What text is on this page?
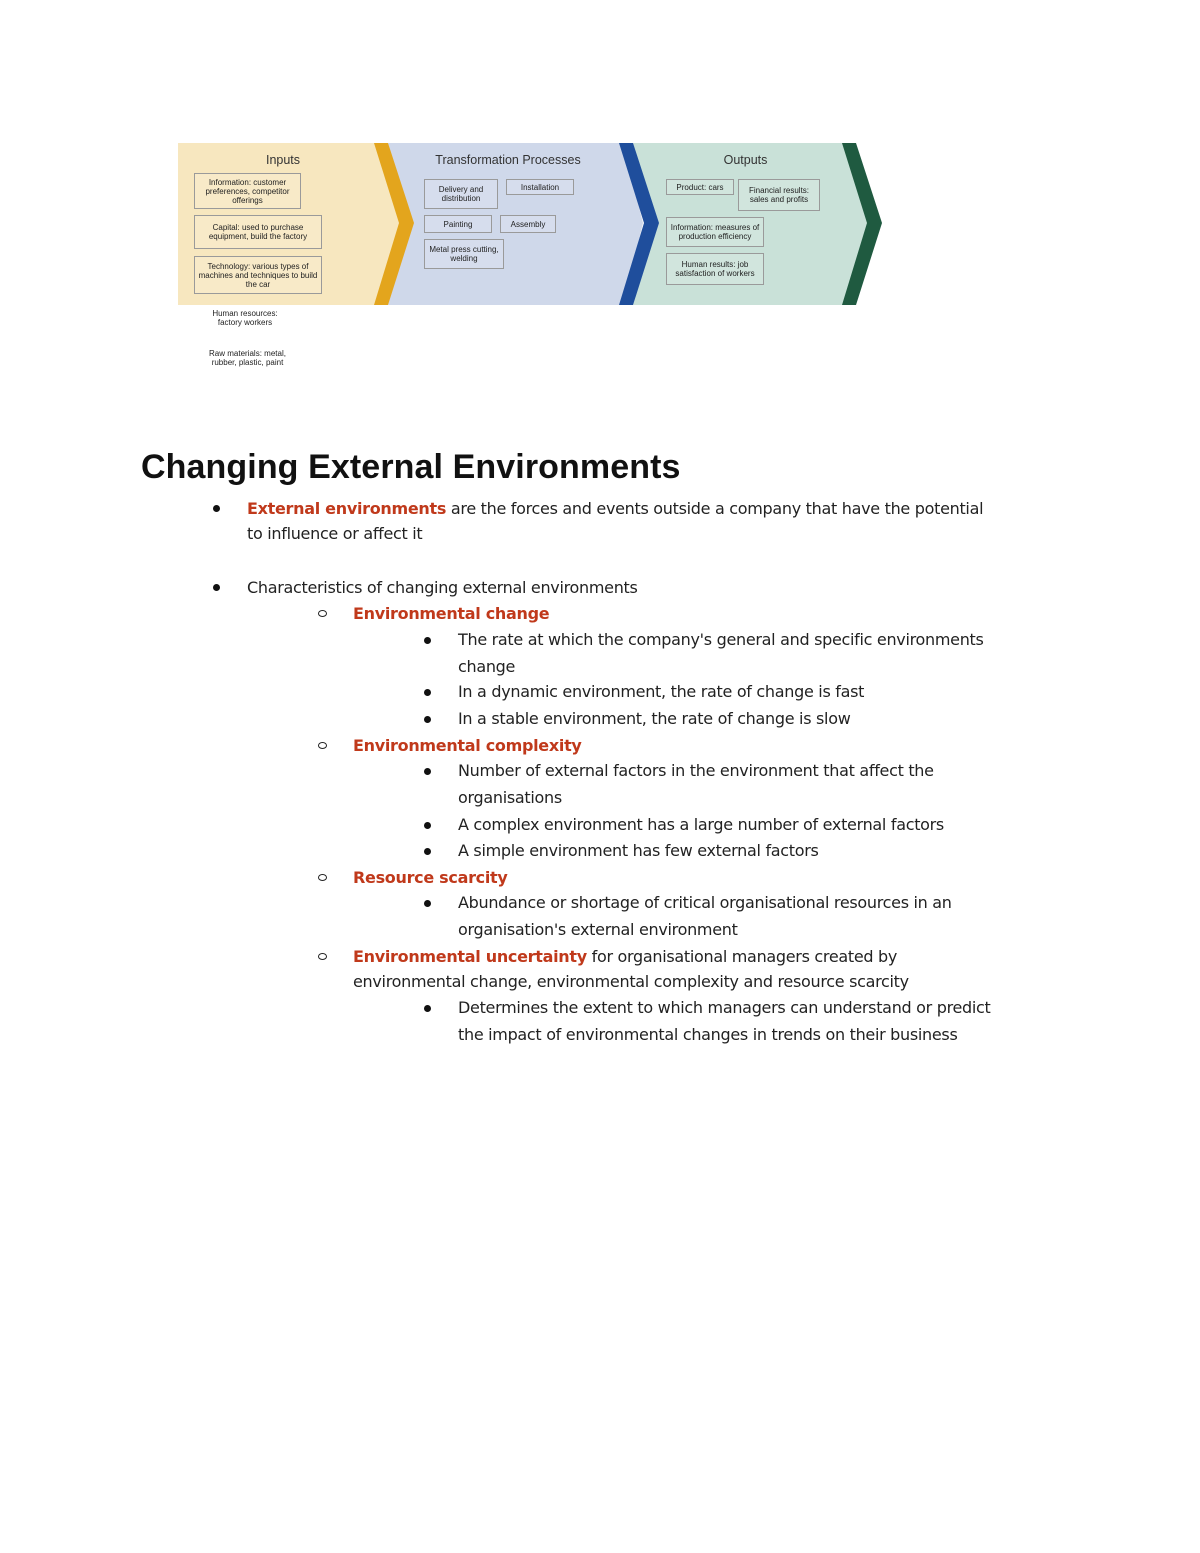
Inputs	Transformation Processes	Outputs
Information: customer preferences, competitor offerings
Capital: used to purchase equipment, build the factory
Technology: various types of machines and techniques to build the car
Human resources: factory workers
Raw materials: metal, rubber, plastic, paint
Delivery and distribution
Installation
Painting	Assembly
Metal press cutting, welding
Product: cars	Financial results: sales and profits
Information: measures of production efficiency
Human results: job satisfaction of workers
Changing External Environments
External environments are the forces and events outside a company that have the potential
to influence or affect it
Characteristics of changing external environments
Environmental change
The rate at which the company's general and specific environments
change
In a dynamic environment, the rate of change is fast
In a stable environment, the rate of change is slow
Environmental complexity
Number of external factors in the environment that affect the
organisations
A complex environment has a large number of external factors
A simple environment has few external factors
Resource scarcity
Abundance or shortage of critical organisational resources in an
organisation's external environment
Environmental uncertainty for organisational managers created by
environmental change, environmental complexity and resource scarcity
Determines the extent to which managers can understand or predict
the impact of environmental changes in trends on their business
